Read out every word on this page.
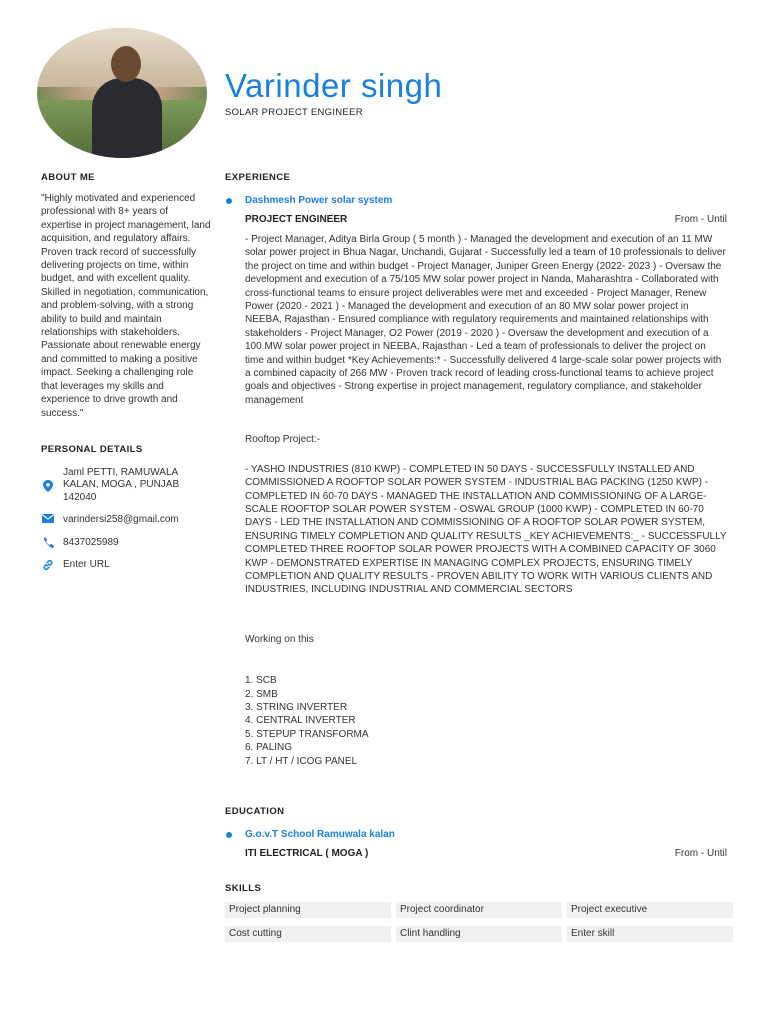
Varinder singh
SOLAR PROJECT ENGINEER
ABOUT ME
"Highly motivated and experienced professional with 8+ years of expertise in project management, land acquisition, and regulatory affairs. Proven track record of successfully delivering projects on time, within budget, and with excellent quality. Skilled in negotiation, communication, and problem-solving, with a strong ability to build and maintain relationships with stakeholders. Passionate about renewable energy and committed to making a positive impact. Seeking a challenging role that leverages my skills and experience to drive growth and success."
PERSONAL DETAILS
Jaml PETTI, RAMUWALA KALAN, MOGA , PUNJAB 142040
varindersi258@gmail.com
8437025989
Enter URL
EXPERIENCE
Dashmesh Power solar system
PROJECT ENGINEER	From - Until
- Project Manager, Aditya Birla Group ( 5 month ) - Managed the development and execution of an 11 MW solar power project in Bhua Nagar, Unchandi, Gujarat - Successfully led a team of 10 professionals to deliver the project on time and within budget - Project Manager, Juniper Green Energy (2022- 2023 ) - Oversaw the development and execution of a 75/105 MW solar power project in Nanda, Maharashtra - Collaborated with cross-functional teams to ensure project deliverables were met and exceeded - Project Manager, Renew Power (2020 - 2021 ) - Managed the development and execution of an 80 MW solar power project in NEEBA, Rajasthan - Ensured compliance with regulatory requirements and maintained relationships with stakeholders - Project Manager, O2 Power (2019 - 2020 ) - Oversaw the development and execution of a 100 MW solar power project in NEEBA, Rajasthan - Led a team of professionals to deliver the project on time and within budget *Key Achievements:* - Successfully delivered 4 large-scale solar power projects with a combined capacity of 266 MW - Proven track record of leading cross-functional teams to achieve project goals and objectives - Strong expertise in project management, regulatory compliance, and stakeholder management
Rooftop Project:-
- YASHO INDUSTRIES (810 KWP) - COMPLETED IN 50 DAYS - SUCCESSFULLY INSTALLED AND COMMISSIONED A ROOFTOP SOLAR POWER SYSTEM - INDUSTRIAL BAG PACKING (1250 KWP) - COMPLETED IN 60-70 DAYS - MANAGED THE INSTALLATION AND COMMISSIONING OF A LARGE-SCALE ROOFTOP SOLAR POWER SYSTEM - OSWAL GROUP (1000 KWP) - COMPLETED IN 60-70 DAYS - LED THE INSTALLATION AND COMMISSIONING OF A ROOFTOP SOLAR POWER SYSTEM, ENSURING TIMELY COMPLETION AND QUALITY RESULTS _KEY ACHIEVEMENTS:_ - SUCCESSFULLY COMPLETED THREE ROOFTOP SOLAR POWER PROJECTS WITH A COMBINED CAPACITY OF 3060 KWP - DEMONSTRATED EXPERTISE IN MANAGING COMPLEX PROJECTS, ENSURING TIMELY COMPLETION AND QUALITY RESULTS - PROVEN ABILITY TO WORK WITH VARIOUS CLIENTS AND INDUSTRIES, INCLUDING INDUSTRIAL AND COMMERCIAL SECTORS
Working on this
1. SCB
2. SMB
3. STRING INVERTER
4. CENTRAL INVERTER
5. STEPUP TRANSFORMA
6. PALING
7. LT / HT / ICOG PANEL
EDUCATION
G.o.v.T School Ramuwala kalan
ITI ELECTRICAL ( MOGA )	From - Until
SKILLS
Project planning	Project coordinator	Project executive
Cost cutting	Clint handling	Enter skill
